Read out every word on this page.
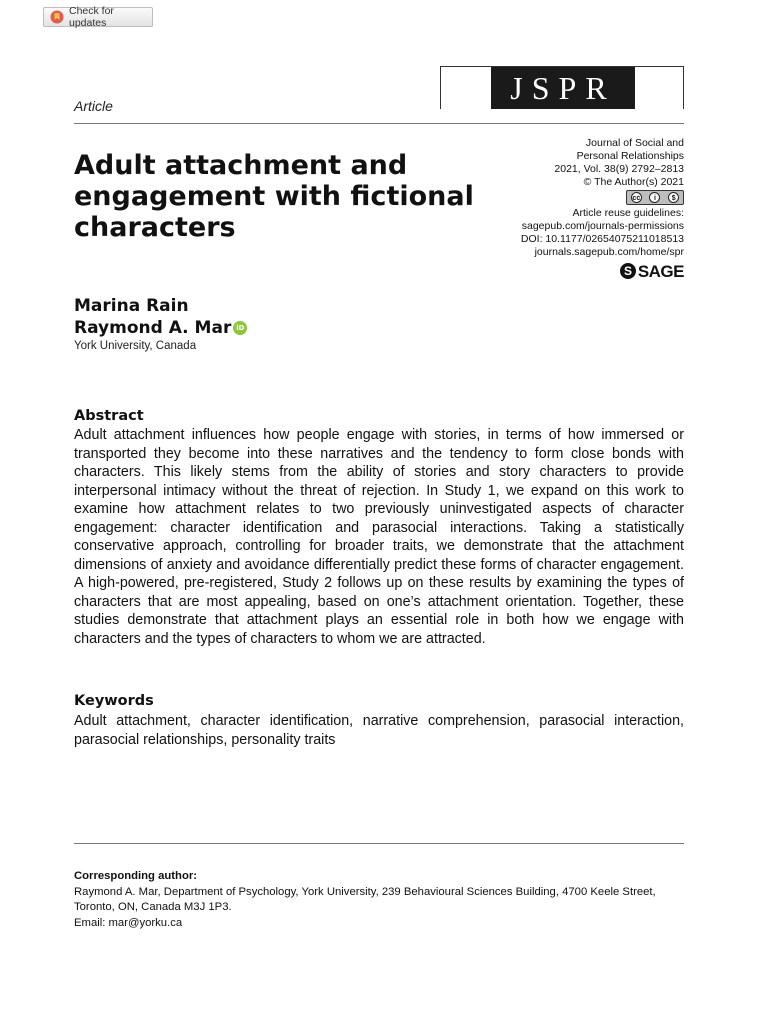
Check for updates
JSPR
Article
Adult attachment and engagement with fictional characters
Journal of Social and
Personal Relationships
2021, Vol. 38(9) 2792–2813
© The Author(s) 2021
cc	i	$
Article reuse guidelines:
sagepub.com/journals-permissions
DOI: 10.1177/02654075211018513
journals.sagepub.com/home/spr
S SAGE
Marina Rain
Raymond A. Mar iD
York University, Canada
Abstract

Adult attachment influences how people engage with stories, in terms of how immersed or transported they become into these narratives and the tendency to form close bonds with characters. This likely stems from the ability of stories and story characters to provide interpersonal intimacy without the threat of rejection. In Study 1, we expand on this work to examine how attachment relates to two previously uninvestigated aspects of character engagement: character identification and parasocial interactions. Taking a statistically conservative approach, controlling for broader traits, we demonstrate that the attachment dimensions of anxiety and avoidance differentially predict these forms of character engagement. A high-powered, pre-registered, Study 2 follows up on these results by examining the types of characters that are most appealing, based on one’s attachment orientation. Together, these studies demonstrate that attachment plays an essential role in both how we engage with characters and the types of characters to whom we are attracted.

Keywords

Adult attachment, character identification, narrative comprehension, parasocial interaction, parasocial relationships, personality traits

Corresponding author:
Raymond A. Mar, Department of Psychology, York University, 239 Behavioural Sciences Building, 4700 Keele Street, Toronto, ON, Canada M3J 1P3.
Email: mar@yorku.ca
